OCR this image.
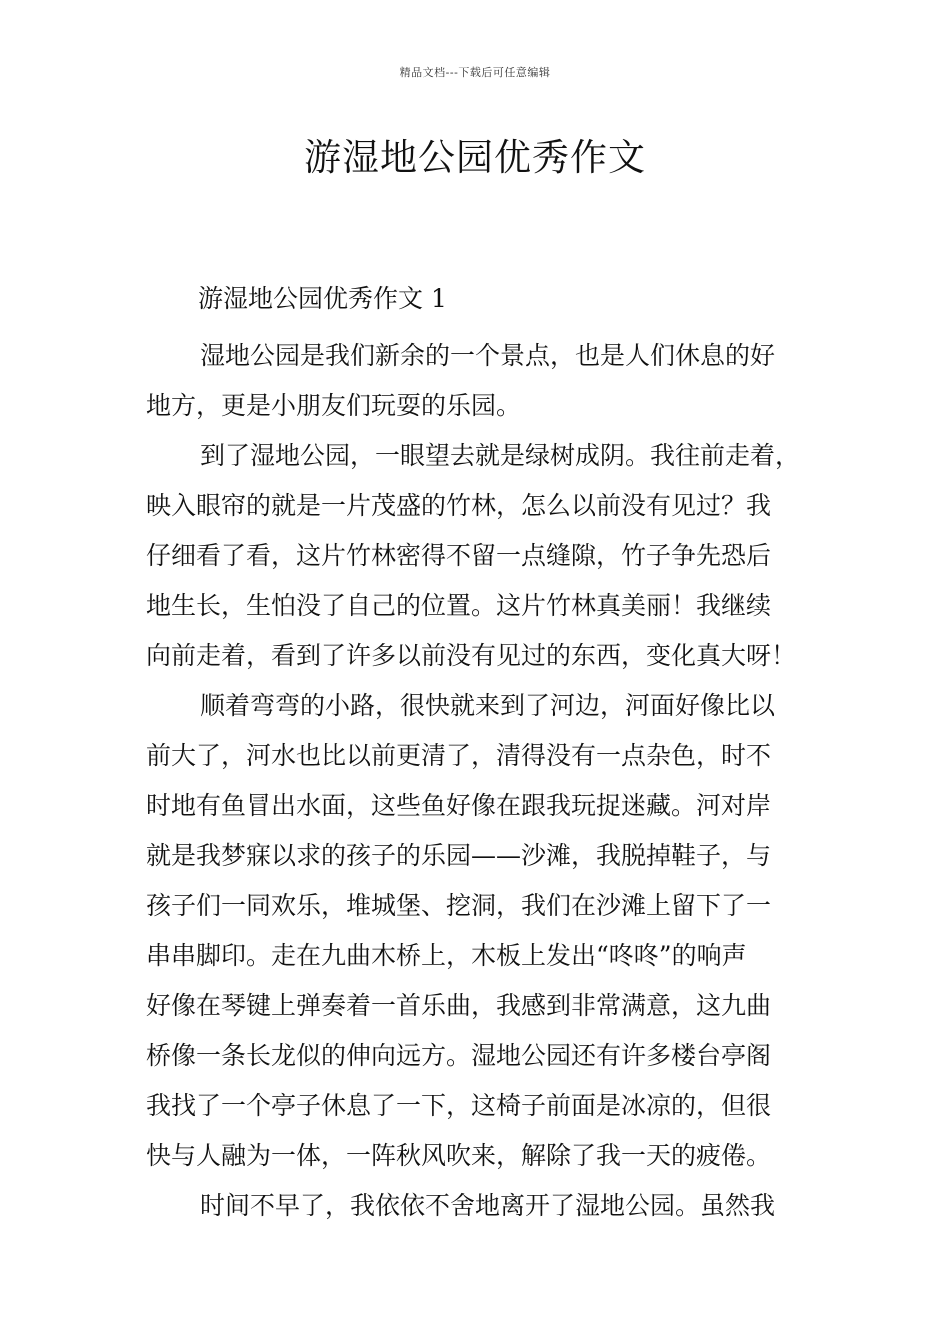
精品文档---下载后可任意编辑
游湿地公园优秀作文
游湿地公园优秀作文 1

湿地公园是我们新余的一个景点，也是人们休息的好
地方，更是小朋友们玩耍的乐园。

到了湿地公园，一眼望去就是绿树成阴。我往前走着，
映入眼帘的就是一片茂盛的竹林，怎么以前没有见过？我
仔细看了看，这片竹林密得不留一点缝隙，竹子争先恐后
地生长，生怕没了自己的位置。这片竹林真美丽！我继续
向前走着，看到了许多以前没有见过的东西，变化真大呀！

顺着弯弯的小路，很快就来到了河边，河面好像比以
前大了，河水也比以前更清了，清得没有一点杂色，时不
时地有鱼冒出水面，这些鱼好像在跟我玩捉迷藏。河对岸
就是我梦寐以求的孩子的乐园——沙滩，我脱掉鞋子，与
孩子们一同欢乐，堆城堡、挖洞，我们在沙滩上留下了一
串串脚印。走在九曲木桥上，木板上发出“咚咚”的响声
好像在琴键上弹奏着一首乐曲，我感到非常满意，这九曲
桥像一条长龙似的伸向远方。湿地公园还有许多楼台亭阁
我找了一个亭子休息了一下，这椅子前面是冰凉的，但很
快与人融为一体，一阵秋风吹来，解除了我一天的疲倦。

时间不早了，我依依不舍地离开了湿地公园。虽然我
